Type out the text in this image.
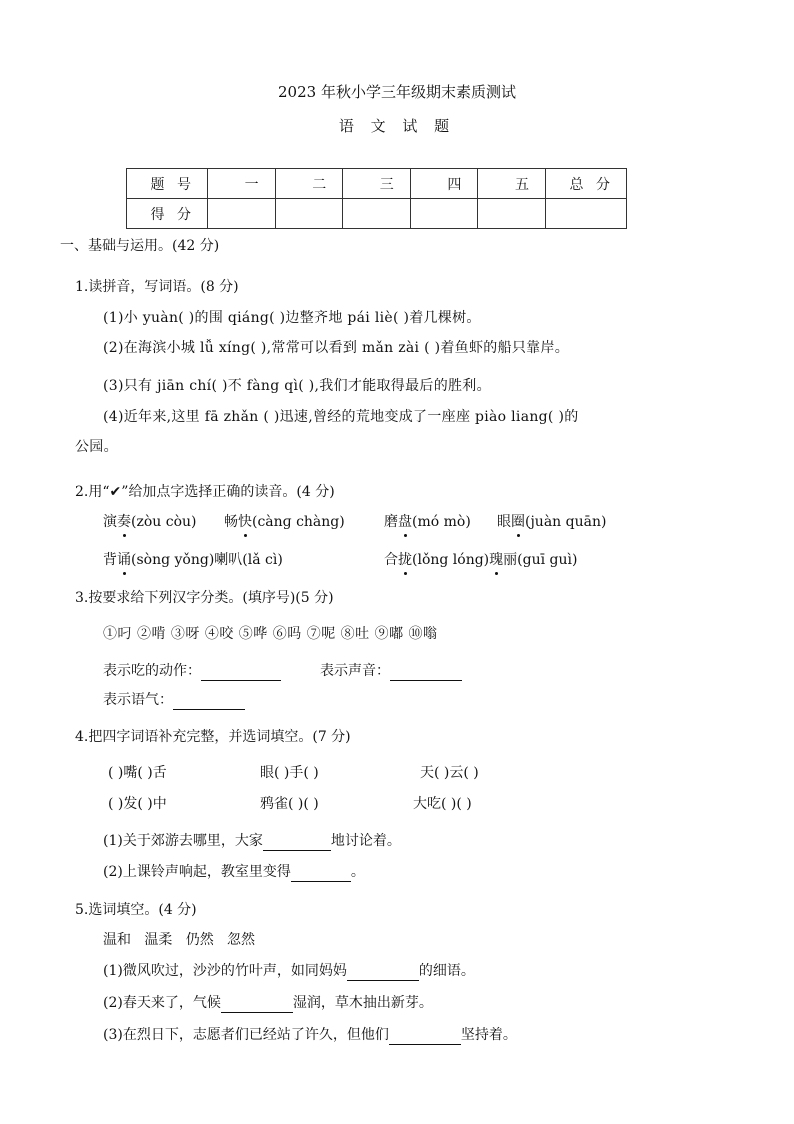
2023 年秋小学三年级期末素质测试
语 文 试 题
题 号	一	二	三	四	五	总 分
得 分						
一、基础与运用。(42 分)
1.读拼音，写词语。(8 分)
(1)小 yuàn( )的围 qiáng( )边整齐地 pái liè( )着几棵树。
(2)在海滨小城 lǚ xíng( ),常常可以看到 mǎn zài ( )着鱼虾的船只靠岸。
(3)只有 jiān chí( )不 fàng qì( ),我们才能取得最后的胜利。
(4)近年来,这里 fā zhǎn ( )迅速,曾经的荒地变成了一座座 piào liang( )的
公园。
2.用“✔”给加点字选择正确的读音。(4 分)
演奏(zòu còu) 畅快(cànɡ chàng)	磨盘(mó mò) 眼圈(juàn quān)
背诵(sòng yǒng)喇叭(lǎ cì)	合拢(lǒng lóng)瑰丽(guī guì)
3.按要求给下列汉字分类。(填序号)(5 分)
①叼 ②啃 ③呀 ④咬 ⑤哗 ⑥吗 ⑦呢 ⑧吐 ⑨嘟 ⑩嗡
表示吃的动作：	表示声音：
表示语气：
4.把四字词语补充完整，并选词填空。(7 分)
( )嘴( )舌	眼( )手( )	天( )云( )
( )发( )中	鸦雀( )( )	大吃( )( )
(1)关于郊游去哪里，大家	地讨论着。
(2)上课铃声响起，教室里变得	。
5.选词填空。(4 分)
温和   温柔   仍然   忽然
(1)微风吹过，沙沙的竹叶声，如同妈妈	的细语。
(2)春天来了，气候	湿润，草木抽出新芽。
(3)在烈日下，志愿者们已经站了许久，但他们	坚持着。
